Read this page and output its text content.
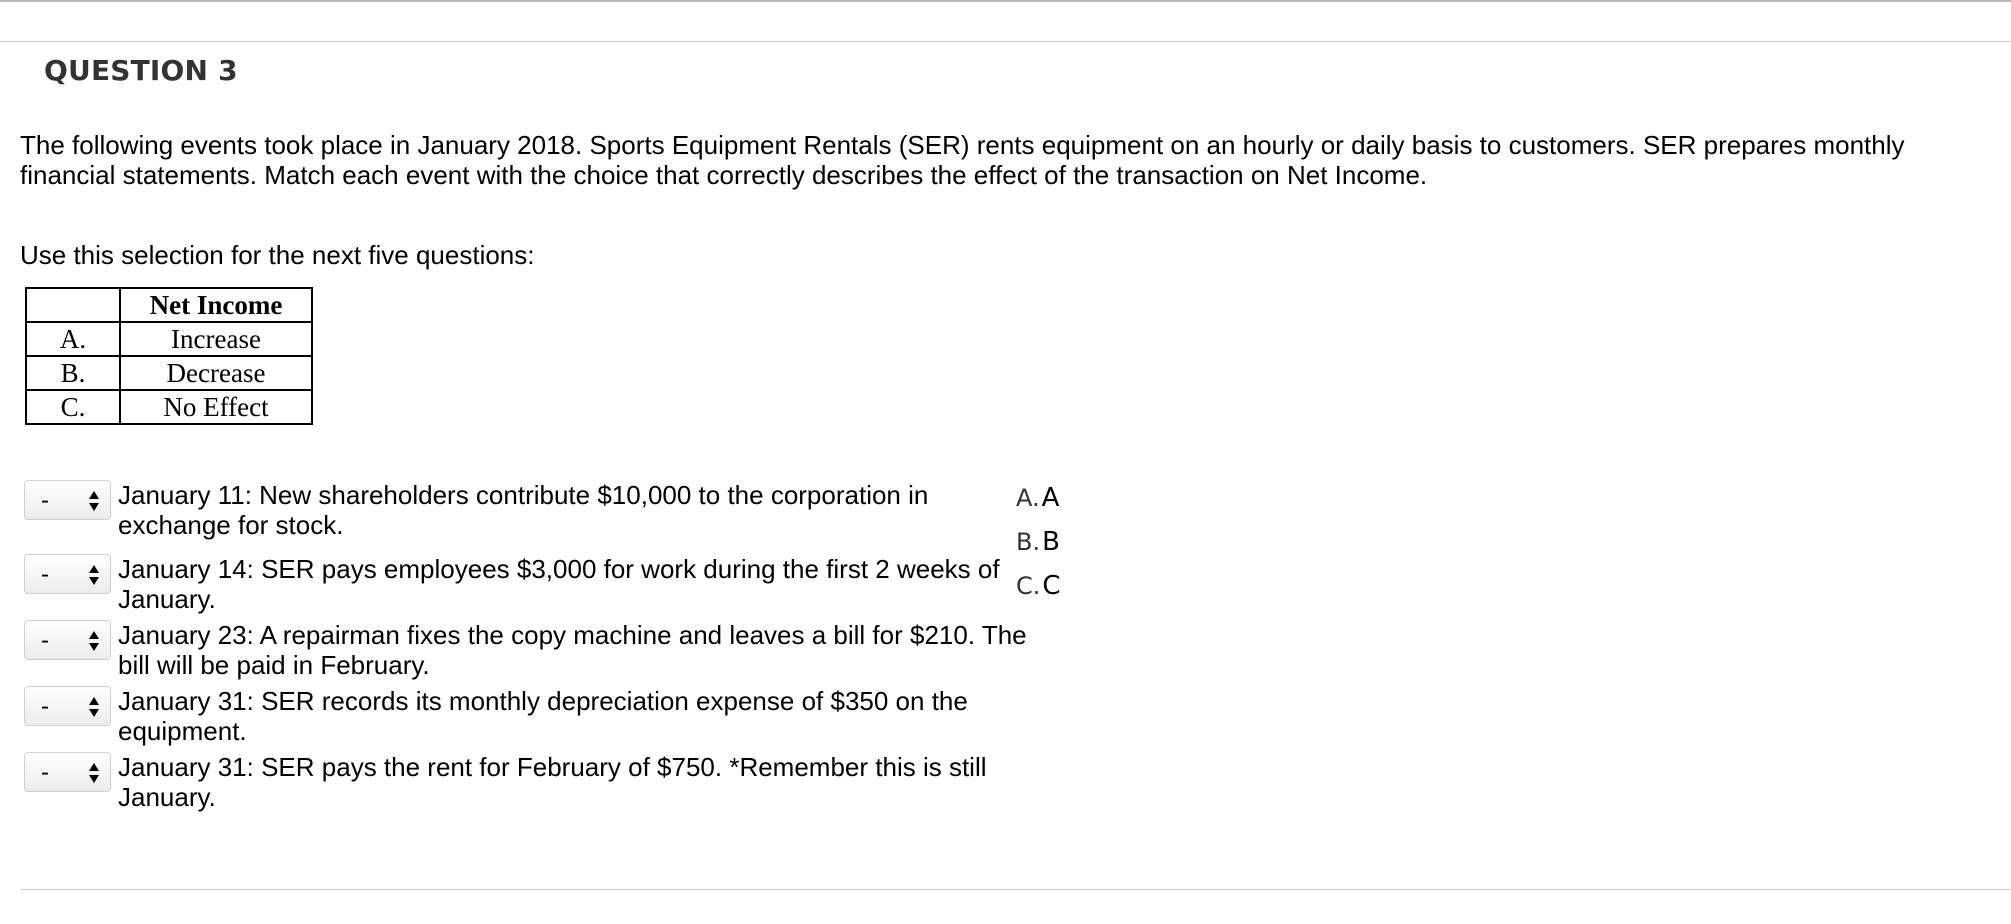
QUESTION 3
The following events took place in January 2018. Sports Equipment Rentals (SER) rents equipment on an hourly or daily basis to customers. SER prepares monthly financial statements. Match each event with the choice that correctly describes the effect of the transaction on Net Income.
Use this selection for the next five questions:
	Net Income
A.	Increase
B.	Decrease
C.	No Effect
-	January 11: New shareholders contribute $10,000 to the corporation in exchange for stock.
-	January 14: SER pays employees $3,000 for work during the first 2 weeks of January.
-	January 23: A repairman fixes the copy machine and leaves a bill for $210. The bill will be paid in February.
-	January 31: SER records its monthly depreciation expense of $350 on the equipment.
-	January 31: SER pays the rent for February of $750. *Remember this is still January.
A.A
B.B
C.C
